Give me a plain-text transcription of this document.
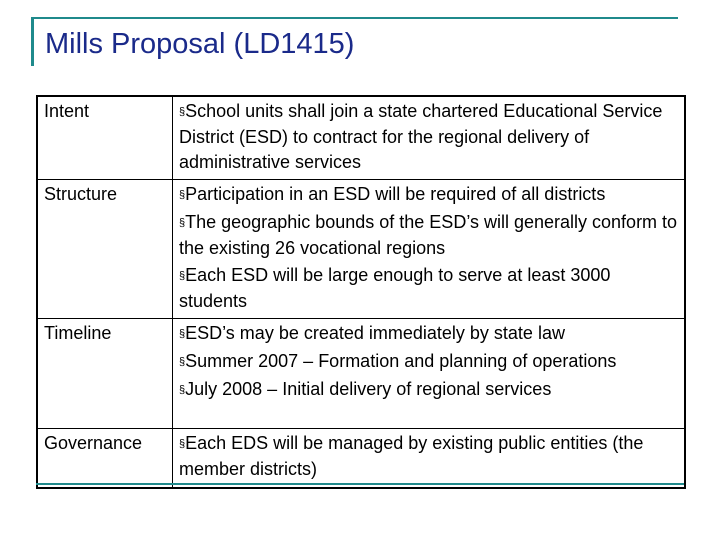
Mills Proposal (LD1415)
Intent	§School units shall join a state chartered Educational Service District (ESD) to contract for the regional delivery of administrative services

Structure	§Participation in an ESD will be required of all districts
§The geographic bounds of the ESD’s will generally conform to the existing 26 vocational regions
§Each ESD will be large enough to serve at least 3000 students

Timeline	§ESD’s may be created immediately by state law
§Summer 2007 – Formation and planning of operations
§July 2008 – Initial delivery of regional services

Governance	§Each EDS will be managed by existing public entities (the member districts)
